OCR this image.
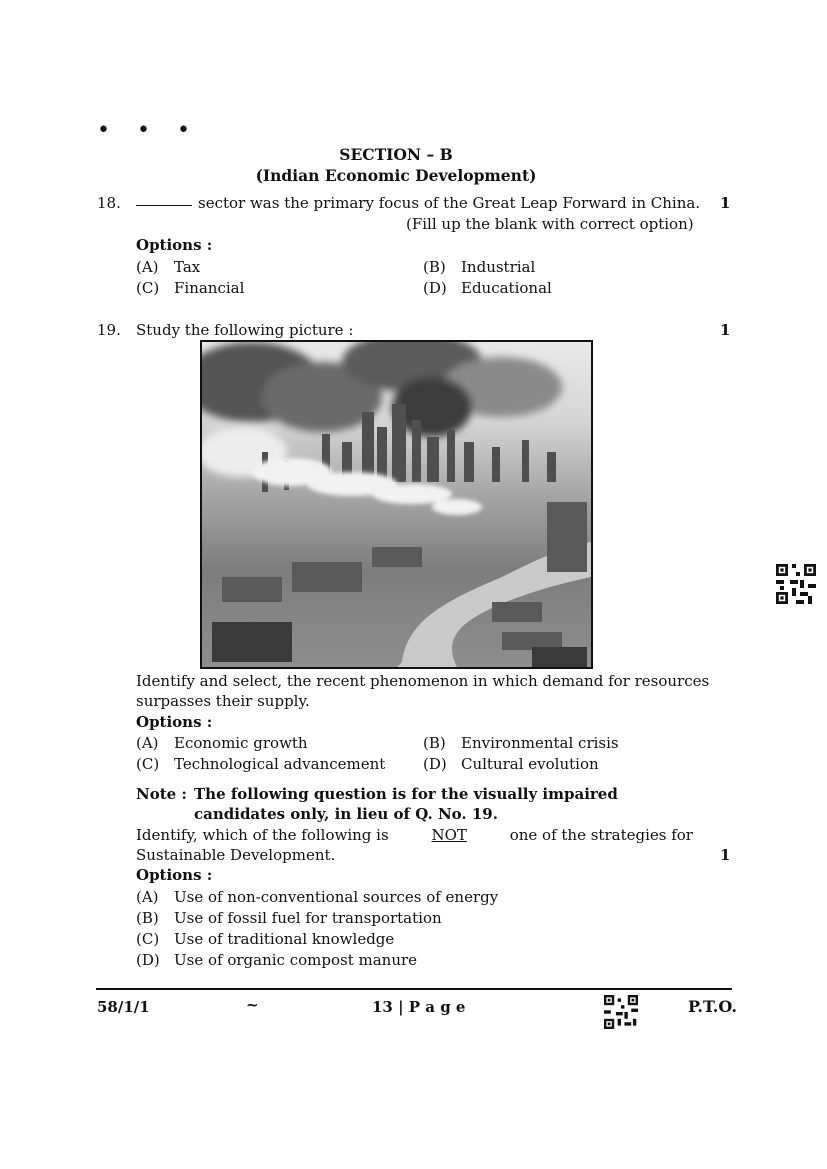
• • •
SECTION – B
(Indian Economic Development)
18.	sector was the primary focus of the Great Leap Forward in China. 1
(Fill up the blank with correct option)
Options :
(A) Tax	(B) Industrial
(C) Financial	(D) Educational
19. Study the following picture :	1
Identify and select, the recent phenomenon in which demand for resources
surpasses their supply.
Options :
(A) Economic growth	(B) Environmental crisis
(C) Technological advancement	(D) Cultural evolution
Note : The following question is for the visually impaired
candidates only, in lieu of Q. No. 19.
Identify, which of the following is	NOT	one of the strategies for
Sustainable Development.	1
Options :
(A) Use of non-conventional sources of energy
(B) Use of fossil fuel for transportation
(C) Use of traditional knowledge
(D) Use of organic compost manure
58/1/1	~	13 | P a g e	P.T.O.
